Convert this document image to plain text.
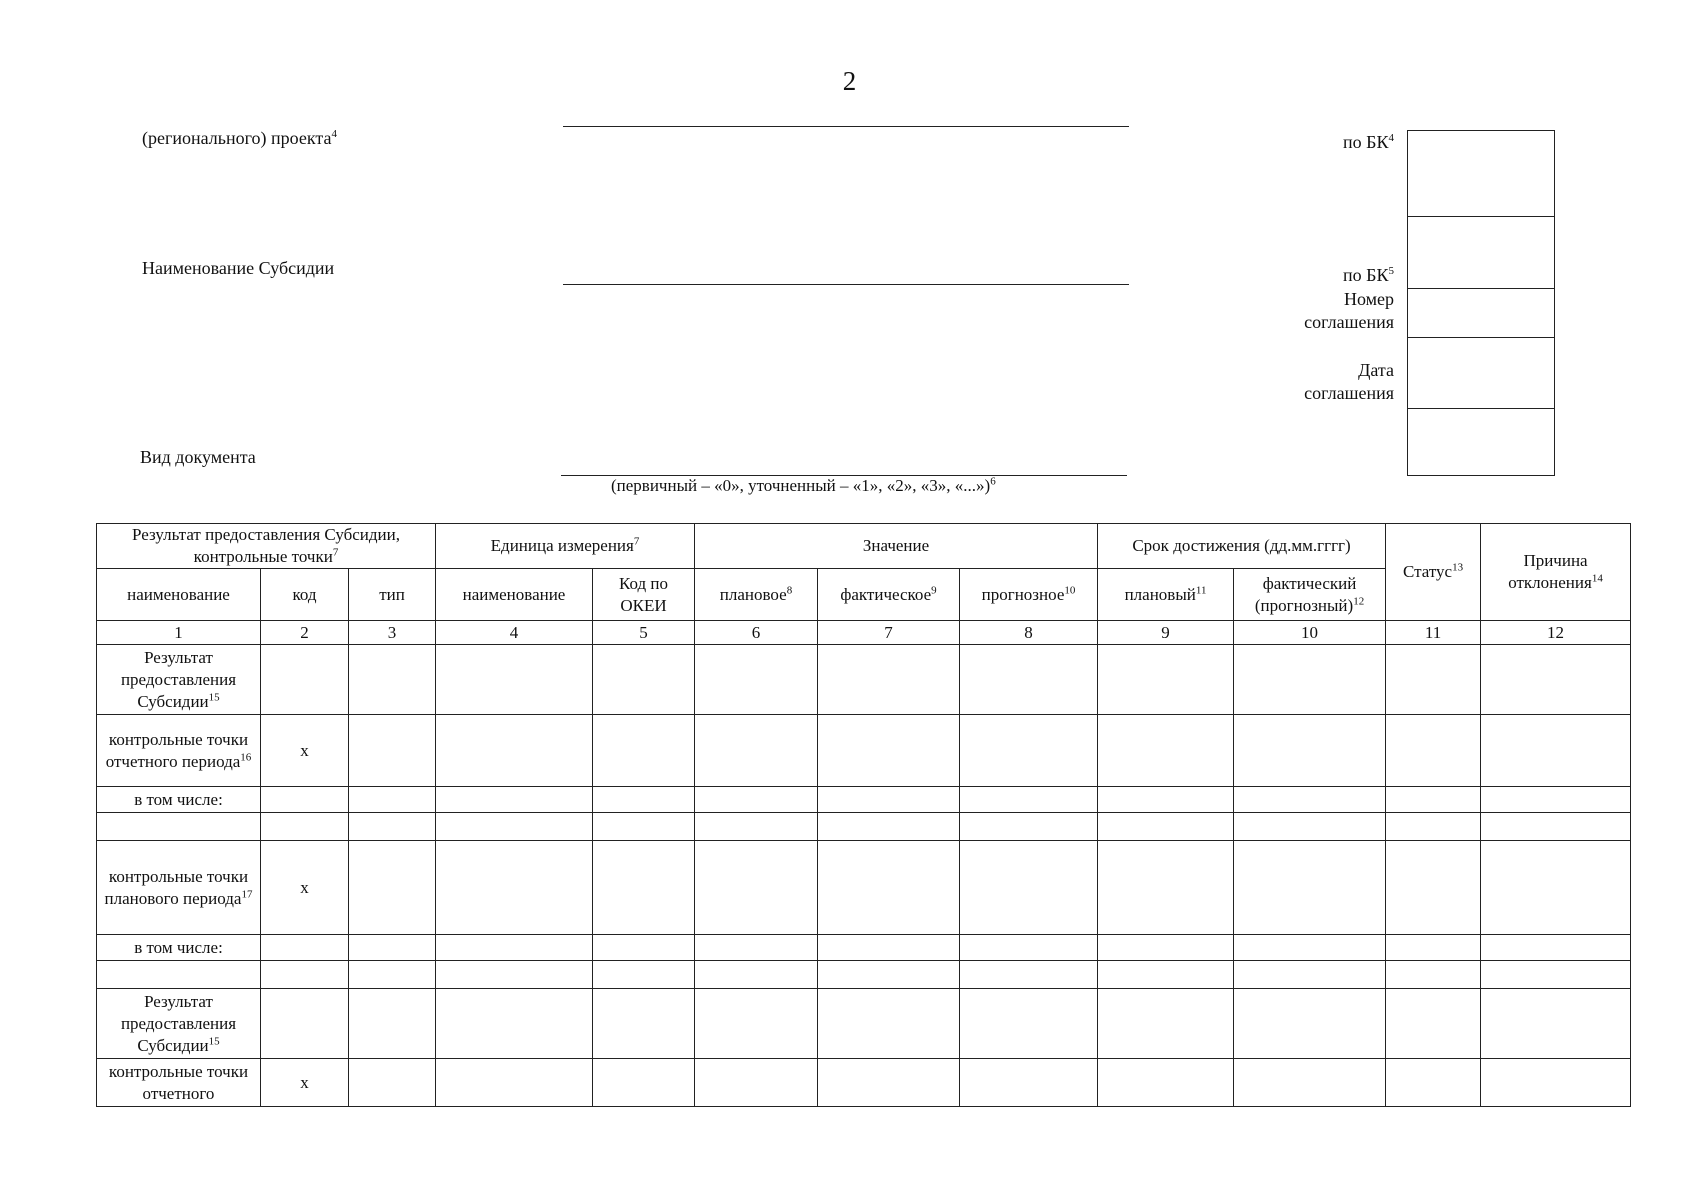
2
(регионального) проекта$^4$
Наименование Субсидии
Вид документа
(первичный – «0», уточненный – «1», «2», «3», «...»)$^6$
по $БК^4$
по $БК^5$
Номер
соглашения
Дата
соглашения
Результат предоставления Субсидии, контрольные точки$^7$			Единица измерения$^7$		Значение			Срок достижения (дд.мм.гггг)		Статус$^{13}$	Причина отклонения$^{14}$
наименование	код	тип	наименование	Код по ОКЕИ	плановое$^8$	фактическое$^9$	прогнозное$^{10}$	плановый$^{11}$	фактический (прогнозный)$^{12}$
1	2	3	4	5	6	7	8	9	10	11	12
Результат предоставления Субсидии$^{15}$											
контрольные точки отчетного периода$^{16}$	x										
в том числе:											

контрольные точки планового периода$^{17}$	x										
в том числе:											

Результат предоставления Субсидии$^{15}$											
контрольные точки отчетного	x										
